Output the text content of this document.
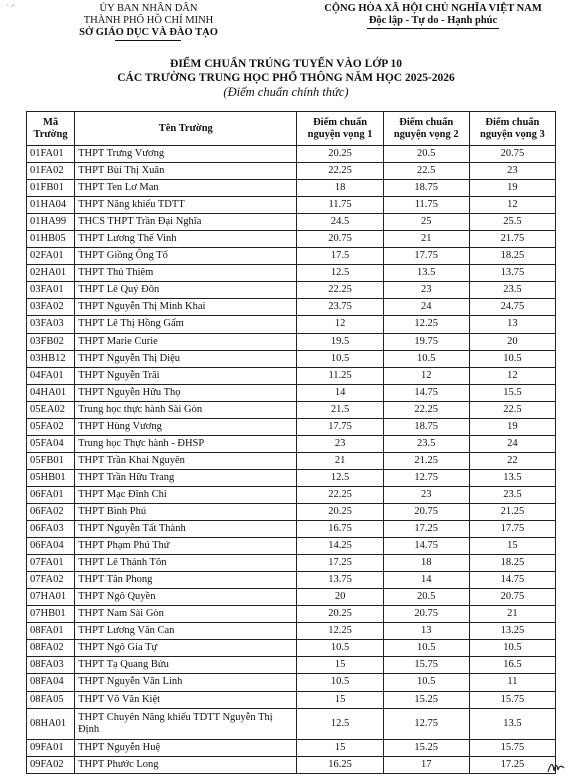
˙ ⸍	ỦY BAN NHÂN DÂN
THÀNH PHỐ HỒ CHÍ MINH
SỞ GIÁO DỤC VÀ ĐÀO TẠO
CỘNG HÒA XÃ HỘI CHỦ NGHĨA VIỆT NAM
Độc lập - Tự do - Hạnh phúc
ĐIỂM CHUẨN TRÚNG TUYỂN VÀO LỚP 10
CÁC TRƯỜNG TRUNG HỌC PHỔ THÔNG NĂM HỌC 2025-2026
(Điểm chuẩn chính thức)
Mã Trường	Tên Trường	Điểm chuẩn nguyện vọng 1	Điểm chuẩn nguyện vọng 2	Điểm chuẩn nguyện vọng 3
01FA01	THPT Trưng Vương	20.25	20.5	20.75
01FA02	THPT Bùi Thị Xuân	22.25	22.5	23
01FB01	THPT Ten Lơ Man	18	18.75	19
01HA04	THPT Năng khiếu TDTT	11.75	11.75	12
01HA99	THCS THPT Trần Đại Nghĩa	24.5	25	25.5
01HB05	THPT Lương Thế Vinh	20.75	21	21.75
02FA01	THPT Giồng Ông Tố	17.5	17.75	18.25
02HA01	THPT Thủ Thiêm	12.5	13.5	13.75
03FA01	THPT Lê Quý Đôn	22.25	23	23.5
03FA02	THPT Nguyễn Thị Minh Khai	23.75	24	24.75
03FA03	THPT Lê Thị Hồng Gấm	12	12.25	13
03FB02	THPT Marie Curie	19.5	19.75	20
03HB12	THPT Nguyễn Thị Diệu	10.5	10.5	10.5
04FA01	THPT Nguyễn Trãi	11.25	12	12
04HA01	THPT Nguyễn Hữu Thọ	14	14.75	15.5
05EA02	Trung học thực hành Sài Gòn	21.5	22.25	22.5
05FA02	THPT Hùng Vương	17.75	18.75	19
05FA04	Trung học Thực hành - ĐHSP	23	23.5	24
05FB01	THPT Trần Khai Nguyên	21	21.25	22
05HB01	THPT Trần Hữu Trang	12.5	12.75	13.5
06FA01	THPT Mạc Đĩnh Chi	22.25	23	23.5
06FA02	THPT Bình Phú	20.25	20.75	21.25
06FA03	THPT Nguyễn Tất Thành	16.75	17.25	17.75
06FA04	THPT Phạm Phú Thứ	14.25	14.75	15
07FA01	THPT Lê Thánh Tôn	17.25	18	18.25
07FA02	THPT Tân Phong	13.75	14	14.75
07HA01	THPT Ngô Quyền	20	20.5	20.75
07HB01	THPT Nam Sài Gòn	20.25	20.75	21
08FA01	THPT Lương Văn Can	12.25	13	13.25
08FA02	THPT Ngô Gia Tự	10.5	10.5	10.5
08FA03	THPT Tạ Quang Bửu	15	15.75	16.5
08FA04	THPT Nguyễn Văn Linh	10.5	10.5	11
08FA05	THPT Võ Văn Kiệt	15	15.25	15.75
08HA01	THPT Chuyên Năng khiếu TDTT Nguyễn Thị Định	12.5	12.75	13.5
09FA01	THPT Nguyễn Huệ	15	15.25	15.75
09FA02	THPT Phước Long	16.25	17	17.25
